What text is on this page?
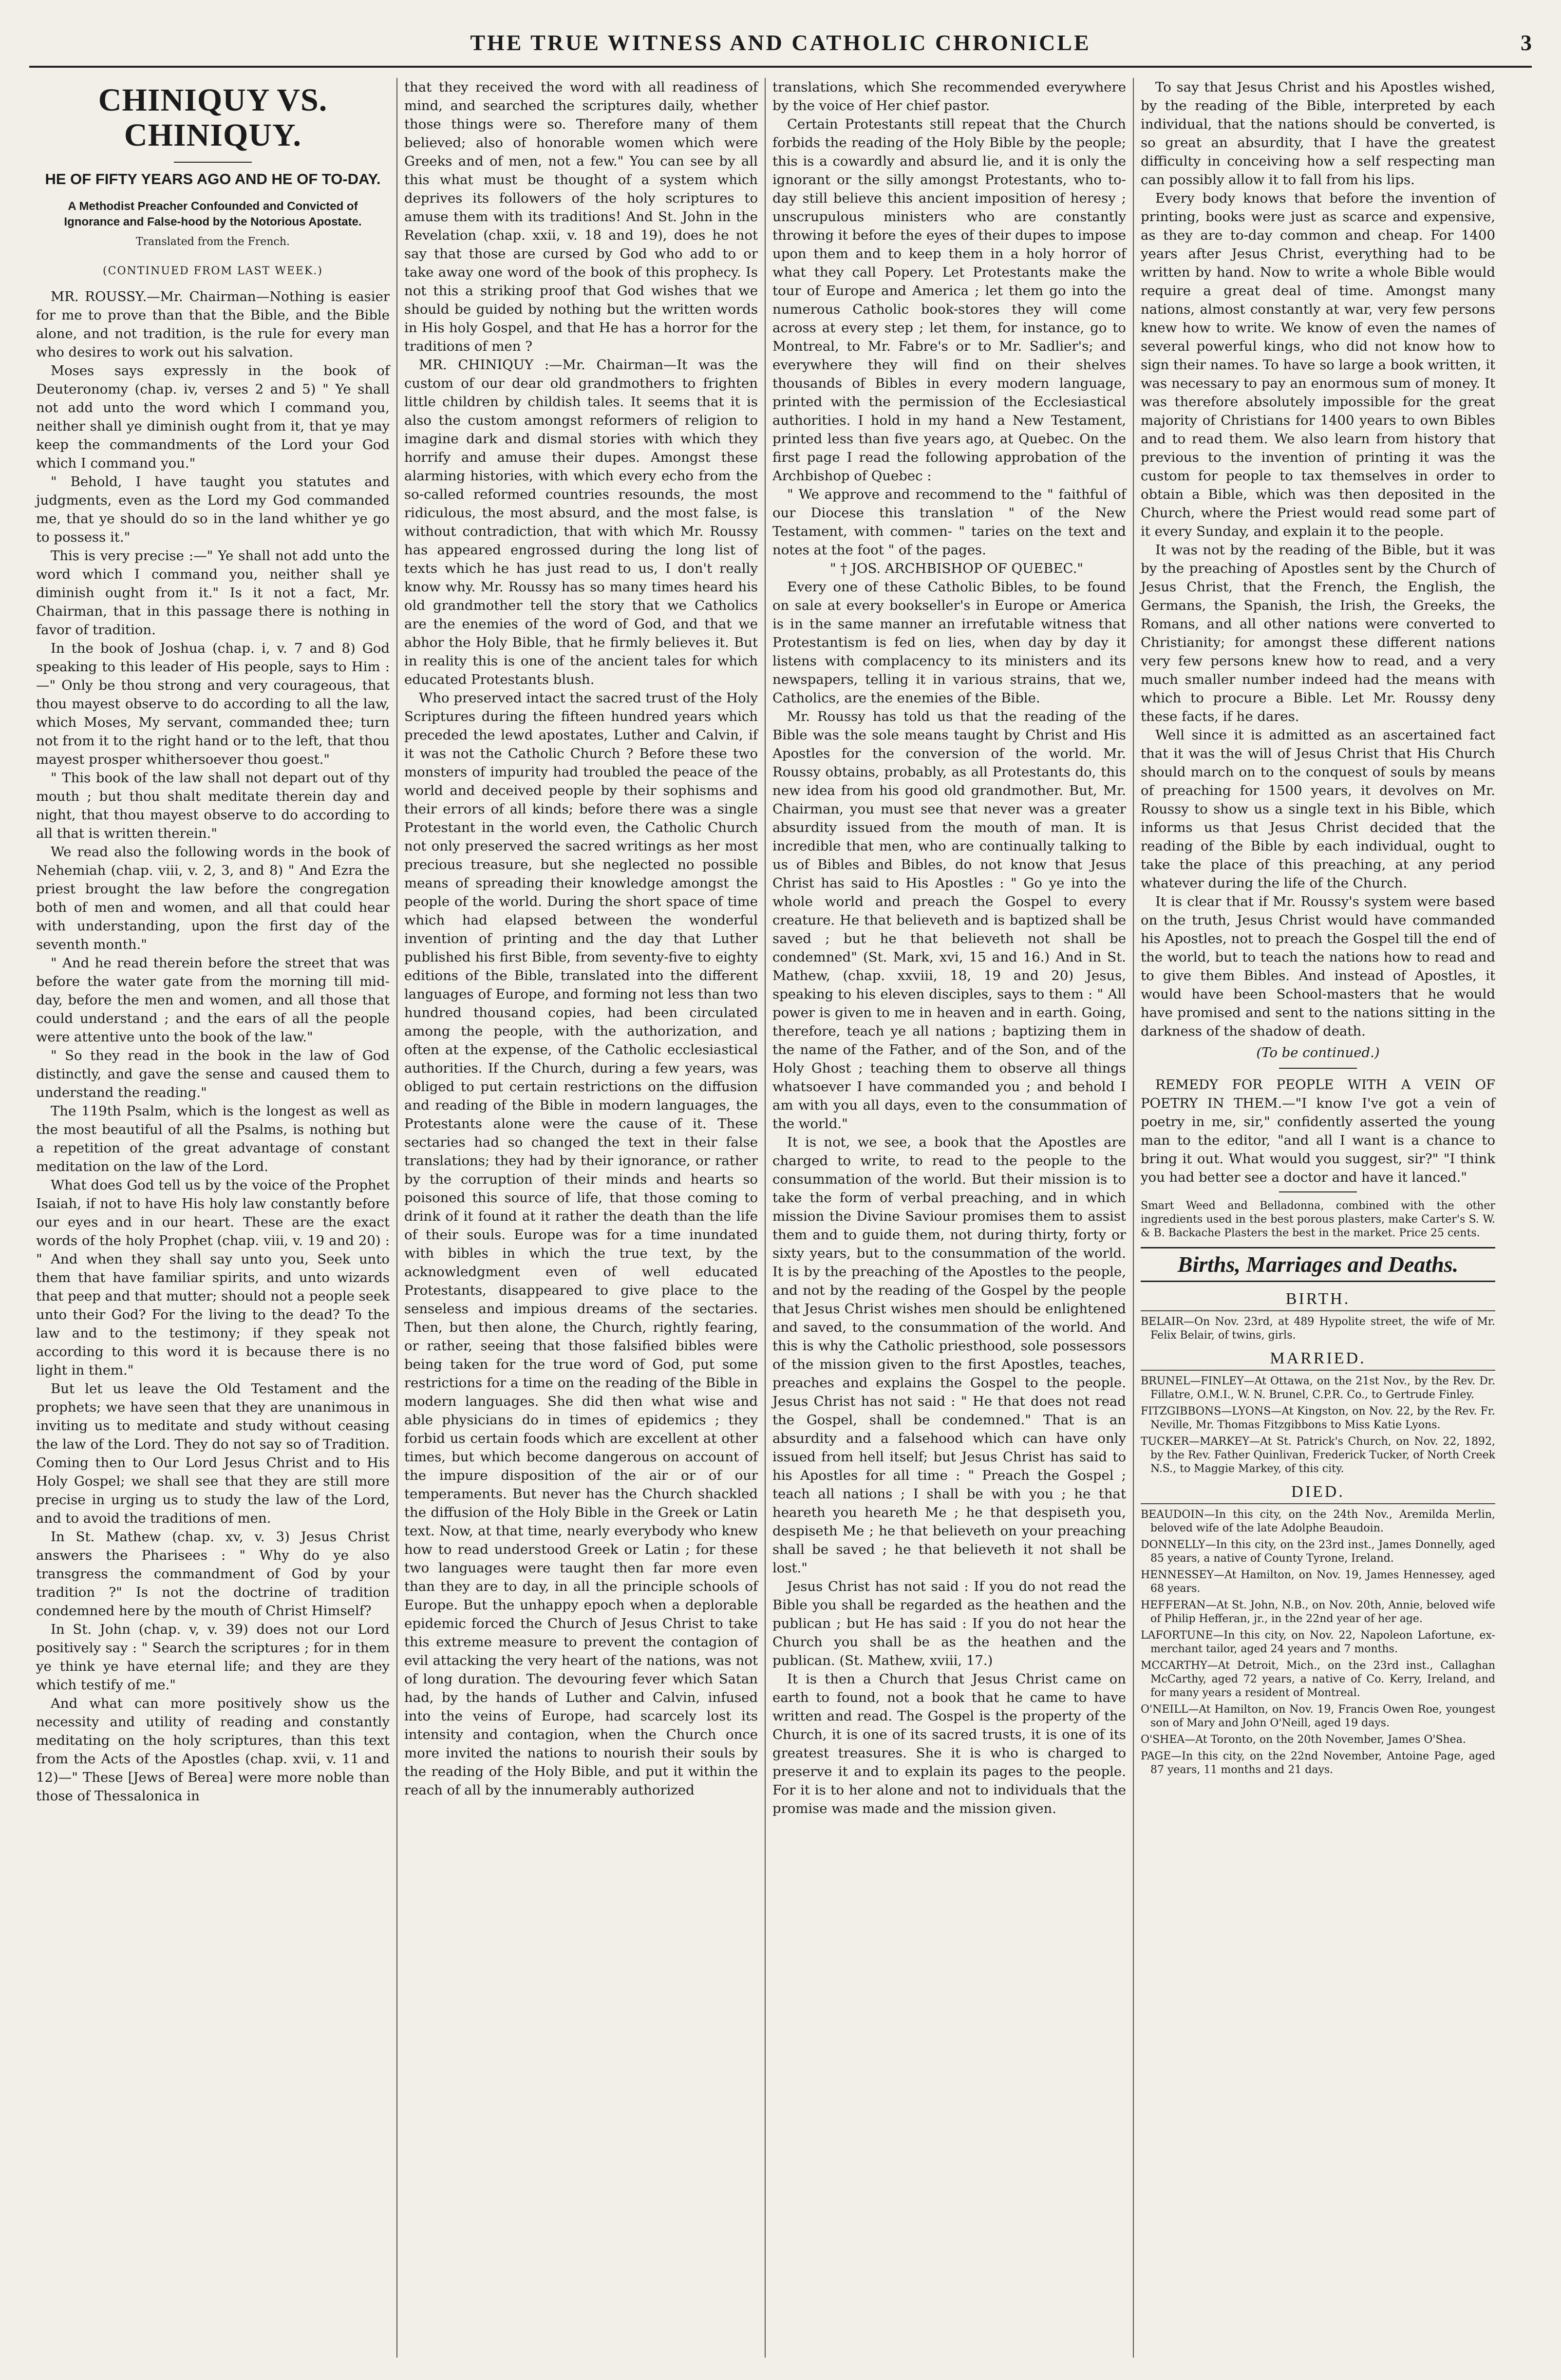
THE TRUE WITNESS AND CATHOLIC CHRONICLE	3
CHINIQUY VS. CHINIQUY.
HE OF FIFTY YEARS AGO AND HE OF TO-DAY.
A Methodist Preacher Confounded and Convicted of Ignorance and False-hood by the Notorious Apostate.
Translated from the French.
(CONTINUED FROM LAST WEEK.)

MR. ROUSSY.—Mr. Chairman—Nothing is easier for me to prove than that the Bible, and the Bible alone, and not tradition, is the rule for every man who desires to work out his salvation.

Moses says expressly in the book of Deuteronomy (chap. iv, verses 2 and 5) " Ye shall not add unto the word which I command you, neither shall ye diminish ought from it, that ye may keep the commandments of the Lord your God which I command you."

" Behold, I have taught you statutes and judgments, even as the Lord my God commanded me, that ye should do so in the land whither ye go to possess it."

This is very precise :—" Ye shall not add unto the word which I command you, neither shall ye diminish ought from it." Is it not a fact, Mr. Chairman, that in this passage there is nothing in favor of tradition.

In the book of Joshua (chap. i, v. 7 and 8) God speaking to this leader of His people, says to Him :—" Only be thou strong and very courageous, that thou mayest observe to do according to all the law, which Moses, My servant, commanded thee; turn not from it to the right hand or to the left, that thou mayest prosper whithersoever thou goest."

" This book of the law shall not depart out of thy mouth ; but thou shalt meditate therein day and night, that thou mayest observe to do according to all that is written therein."

We read also the following words in the book of Nehemiah (chap. viii, v. 2, 3, and 8) " And Ezra the priest brought the law before the congregation both of men and women, and all that could hear with understanding, upon the first day of the seventh month."

" And he read therein before the street that was before the water gate from the morning till mid-day, before the men and women, and all those that could understand ; and the ears of all the people were attentive unto the book of the law."

" So they read in the book in the law of God distinctly, and gave the sense and caused them to understand the reading."

The 119th Psalm, which is the longest as well as the most beautiful of all the Psalms, is nothing but a repetition of the great advantage of constant meditation on the law of the Lord.

What does God tell us by the voice of the Prophet Isaiah, if not to have His holy law constantly before our eyes and in our heart. These are the exact words of the holy Prophet (chap. viii, v. 19 and 20) : " And when they shall say unto you, Seek unto them that have familiar spirits, and unto wizards that peep and that mutter; should not a people seek unto their God? For the living to the dead? To the law and to the testimony; if they speak not according to this word it is because there is no light in them."

But let us leave the Old Testament and the prophets; we have seen that they are unanimous in inviting us to meditate and study without ceasing the law of the Lord. They do not say so of Tradition. Coming then to Our Lord Jesus Christ and to His Holy Gospel; we shall see that they are still more precise in urging us to study the law of the Lord, and to avoid the traditions of men.

In St. Mathew (chap. xv, v. 3) Jesus Christ answers the Pharisees : " Why do ye also transgress the commandment of God by your tradition ?" Is not the doctrine of tradition condemned here by the mouth of Christ Himself?

In St. John (chap. v, v. 39) does not our Lord positively say : " Search the scriptures ; for in them ye think ye have eternal life; and they are they which testify of me."

And what can more positively show us the necessity and utility of reading and constantly meditating on the holy scriptures, than this text from the Acts of the Apostles (chap. xvii, v. 11 and 12)—" These [Jews of Berea] were more noble than those of Thessalonica in

that they received the word with all readiness of mind, and searched the scriptures daily, whether those things were so. Therefore many of them believed; also of honorable women which were Greeks and of men, not a few." You can see by all this what must be thought of a system which deprives its followers of the holy scriptures to amuse them with its traditions! And St. John in the Revelation (chap. xxii, v. 18 and 19), does he not say that those are cursed by God who add to or take away one word of the book of this prophecy. Is not this a striking proof that God wishes that we should be guided by nothing but the written words in His holy Gospel, and that He has a horror for the traditions of men ?

MR. CHINIQUY :—Mr. Chairman—It was the custom of our dear old grandmothers to frighten little children by childish tales. It seems that it is also the custom amongst reformers of religion to imagine dark and dismal stories with which they horrify and amuse their dupes. Amongst these alarming histories, with which every echo from the so-called reformed countries resounds, the most ridiculous, the most absurd, and the most false, is without contradiction, that with which Mr. Roussy has appeared engrossed during the long list of texts which he has just read to us, I don't really know why. Mr. Roussy has so many times heard his old grandmother tell the story that we Catholics are the enemies of the word of God, and that we abhor the Holy Bible, that he firmly believes it. But in reality this is one of the ancient tales for which educated Protestants blush.

Who preserved intact the sacred trust of the Holy Scriptures during the fifteen hundred years which preceded the lewd apostates, Luther and Calvin, if it was not the Catholic Church ? Before these two monsters of impurity had troubled the peace of the world and deceived people by their sophisms and their errors of all kinds; before there was a single Protestant in the world even, the Catholic Church not only preserved the sacred writings as her most precious treasure, but she neglected no possible means of spreading their knowledge amongst the people of the world. During the short space of time which had elapsed between the wonderful invention of printing and the day that Luther published his first Bible, from seventy-five to eighty editions of the Bible, translated into the different languages of Europe, and forming not less than two hundred thousand copies, had been circulated among the people, with the authorization, and often at the expense, of the Catholic ecclesiastical authorities. If the Church, during a few years, was obliged to put certain restrictions on the diffusion and reading of the Bible in modern languages, the Protestants alone were the cause of it. These sectaries had so changed the text in their false translations; they had by their ignorance, or rather by the corruption of their minds and hearts so poisoned this source of life, that those coming to drink of it found at it rather the death than the life of their souls. Europe was for a time inundated with bibles in which the true text, by the acknowledgment even of well educated Protestants, disappeared to give place to the senseless and impious dreams of the sectaries. Then, but then alone, the Church, rightly fearing, or rather, seeing that those falsified bibles were being taken for the true word of God, put some restrictions for a time on the reading of the Bible in modern languages. She did then what wise and able physicians do in times of epidemics ; they forbid us certain foods which are excellent at other times, but which become dangerous on account of the impure disposition of the air or of our temperaments. But never has the Church shackled the diffusion of the Holy Bible in the Greek or Latin text. Now, at that time, nearly everybody who knew how to read understood Greek or Latin ; for these two languages were taught then far more even than they are to day, in all the principle schools of Europe. But the unhappy epoch when a deplorable epidemic forced the Church of Jesus Christ to take this extreme measure to prevent the contagion of evil attacking the very heart of the nations, was not of long duration. The devouring fever which Satan had, by the hands of Luther and Calvin, infused into the veins of Europe, had scarcely lost its intensity and contagion, when the Church once more invited the nations to nourish their souls by the reading of the Holy Bible, and put it within the reach of all by the innumerably authorized

translations, which She recommended everywhere by the voice of Her chief pastor.

Certain Protestants still repeat that the Church forbids the reading of the Holy Bible by the people; this is a cowardly and absurd lie, and it is only the ignorant or the silly amongst Protestants, who to-day still believe this ancient imposition of heresy ; unscrupulous ministers who are constantly throwing it before the eyes of their dupes to impose upon them and to keep them in a holy horror of what they call Popery. Let Protestants make the tour of Europe and America ; let them go into the numerous Catholic book-stores they will come across at every step ; let them, for instance, go to Montreal, to Mr. Fabre's or to Mr. Sadlier's; and everywhere they will find on their shelves thousands of Bibles in every modern language, printed with the permission of the Ecclesiastical authorities. I hold in my hand a New Testament, printed less than five years ago, at Quebec. On the first page I read the following approbation of the Archbishop of Quebec :

" We approve and recommend to the " faithful of our Diocese this translation " of the New Testament, with commen- " taries on the text and notes at the foot " of the pages.

" † JOS. ARCHBISHOP OF QUEBEC."

Every one of these Catholic Bibles, to be found on sale at every bookseller's in Europe or America is in the same manner an irrefutable witness that Protestantism is fed on lies, when day by day it listens with complacency to its ministers and its newspapers, telling it in various strains, that we, Catholics, are the enemies of the Bible.

Mr. Roussy has told us that the reading of the Bible was the sole means taught by Christ and His Apostles for the conversion of the world. Mr. Roussy obtains, probably, as all Protestants do, this new idea from his good old grandmother. But, Mr. Chairman, you must see that never was a greater absurdity issued from the mouth of man. It is incredible that men, who are continually talking to us of Bibles and Bibles, do not know that Jesus Christ has said to His Apostles : " Go ye into the whole world and preach the Gospel to every creature. He that believeth and is baptized shall be saved ; but he that believeth not shall be condemned" (St. Mark, xvi, 15 and 16.) And in St. Mathew, (chap. xxviii, 18, 19 and 20) Jesus, speaking to his eleven disciples, says to them : " All power is given to me in heaven and in earth. Going, therefore, teach ye all nations ; baptizing them in the name of the Father, and of the Son, and of the Holy Ghost ; teaching them to observe all things whatsoever I have commanded you ; and behold I am with you all days, even to the consummation of the world."

It is not, we see, a book that the Apostles are charged to write, to read to the people to the consummation of the world. But their mission is to take the form of verbal preaching, and in which mission the Divine Saviour promises them to assist them and to guide them, not during thirty, forty or sixty years, but to the consummation of the world. It is by the preaching of the Apostles to the people, and not by the reading of the Gospel by the people that Jesus Christ wishes men should be enlightened and saved, to the consummation of the world. And this is why the Catholic priesthood, sole possessors of the mission given to the first Apostles, teaches, preaches and explains the Gospel to the people. Jesus Christ has not said : " He that does not read the Gospel, shall be condemned." That is an absurdity and a falsehood which can have only issued from hell itself; but Jesus Christ has said to his Apostles for all time : " Preach the Gospel ; teach all nations ; I shall be with you ; he that heareth you heareth Me ; he that despiseth you, despiseth Me ; he that believeth on your preaching shall be saved ; he that believeth it not shall be lost."

Jesus Christ has not said : If you do not read the Bible you shall be regarded as the heathen and the publican ; but He has said : If you do not hear the Church you shall be as the heathen and the publican. (St. Mathew, xviii, 17.)

It is then a Church that Jesus Christ came on earth to found, not a book that he came to have written and read. The Gospel is the property of the Church, it is one of its sacred trusts, it is one of its greatest treasures. She it is who is charged to preserve it and to explain its pages to the people. For it is to her alone and not to individuals that the promise was made and the mission given.

To say that Jesus Christ and his Apostles wished, by the reading of the Bible, interpreted by each individual, that the nations should be converted, is so great an absurdity, that I have the greatest difficulty in conceiving how a self respecting man can possibly allow it to fall from his lips.

Every body knows that before the invention of printing, books were just as scarce and expensive, as they are to-day common and cheap. For 1400 years after Jesus Christ, everything had to be written by hand. Now to write a whole Bible would require a great deal of time. Amongst many nations, almost constantly at war, very few persons knew how to write. We know of even the names of several powerful kings, who did not know how to sign their names. To have so large a book written, it was necessary to pay an enormous sum of money. It was therefore absolutely impossible for the great majority of Christians for 1400 years to own Bibles and to read them. We also learn from history that previous to the invention of printing it was the custom for people to tax themselves in order to obtain a Bible, which was then deposited in the Church, where the Priest would read some part of it every Sunday, and explain it to the people.

It was not by the reading of the Bible, but it was by the preaching of Apostles sent by the Church of Jesus Christ, that the French, the English, the Germans, the Spanish, the Irish, the Greeks, the Romans, and all other nations were converted to Christianity; for amongst these different nations very few persons knew how to read, and a very much smaller number indeed had the means with which to procure a Bible. Let Mr. Roussy deny these facts, if he dares.

Well since it is admitted as an ascertained fact that it was the will of Jesus Christ that His Church should march on to the conquest of souls by means of preaching for 1500 years, it devolves on Mr. Roussy to show us a single text in his Bible, which informs us that Jesus Christ decided that the reading of the Bible by each individual, ought to take the place of this preaching, at any period whatever during the life of the Church.

It is clear that if Mr. Roussy's system were based on the truth, Jesus Christ would have commanded his Apostles, not to preach the Gospel till the end of the world, but to teach the nations how to read and to give them Bibles. And instead of Apostles, it would have been School-masters that he would have promised and sent to the nations sitting in the darkness of the shadow of death.

(To be continued.)

REMEDY FOR PEOPLE WITH A VEIN OF POETRY IN THEM.—"I know I've got a vein of poetry in me, sir," confidently asserted the young man to the editor, "and all I want is a chance to bring it out. What would you suggest, sir?" "I think you had better see a doctor and have it lanced."

Smart Weed and Belladonna, combined with the other ingredients used in the best porous plasters, make Carter's S. W. & B. Backache Plasters the best in the market. Price 25 cents.
Births, Marriages and Deaths.
BIRTH.
BELAIR—On Nov. 23rd, at 489 Hypolite street, the wife of Mr. Felix Belair, of twins, girls.
MARRIED.
BRUNEL—FINLEY—At Ottawa, on the 21st Nov., by the Rev. Dr. Fillatre, O.M.I., W. N. Brunel, C.P.R. Co., to Gertrude Finley.
FITZGIBBONS—LYONS—At Kingston, on Nov. 22, by the Rev. Fr. Neville, Mr. Thomas Fitzgibbons to Miss Katie Lyons.
TUCKER—MARKEY—At St. Patrick's Church, on Nov. 22, 1892, by the Rev. Father Quinlivan, Frederick Tucker, of North Creek N.S., to Maggie Markey, of this city.
DIED.
BEAUDOIN—In this city, on the 24th Nov., Aremilda Merlin, beloved wife of the late Adolphe Beaudoin.
DONNELLY—In this city, on the 23rd inst., James Donnelly, aged 85 years, a native of County Tyrone, Ireland.
HENNESSEY—At Hamilton, on Nov. 19, James Hennessey, aged 68 years.
HEFFERAN—At St. John, N.B., on Nov. 20th, Annie, beloved wife of Philip Hefferan, jr., in the 22nd year of her age.
LAFORTUNE—In this city, on Nov. 22, Napoleon Lafortune, ex-merchant tailor, aged 24 years and 7 months.
MCCARTHY—At Detroit, Mich., on the 23rd inst., Callaghan McCarthy, aged 72 years, a native of Co. Kerry, Ireland, and for many years a resident of Montreal.
O'NEILL—At Hamilton, on Nov. 19, Francis Owen Roe, youngest son of Mary and John O'Neill, aged 19 days.
O'SHEA—At Toronto, on the 20th November, James O'Shea.
PAGE—In this city, on the 22nd November, Antoine Page, aged 87 years, 11 months and 21 days.
